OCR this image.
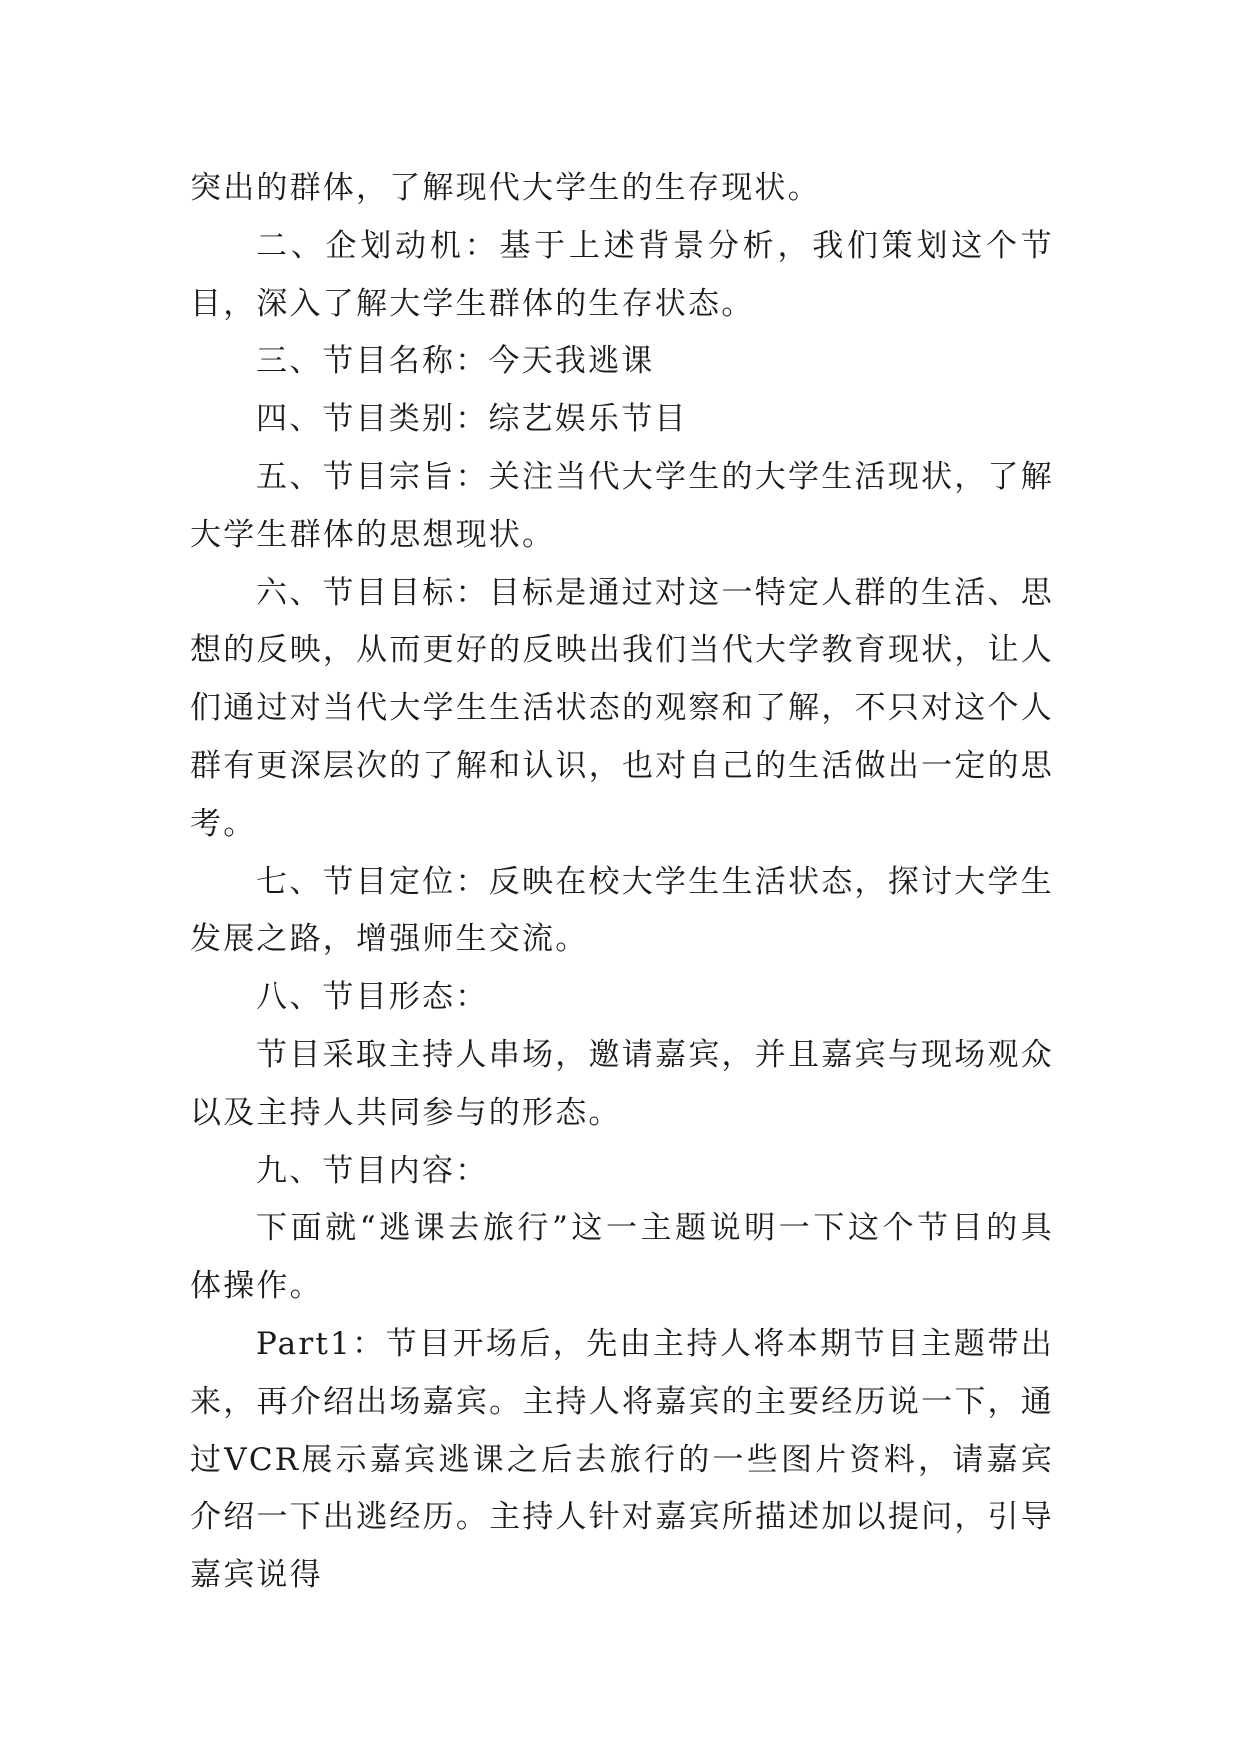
突出的群体，了解现代大学生的生存现状。

二、企划动机：基于上述背景分析，我们策划这个节目，深入了解大学生群体的生存状态。

三、节目名称：今天我逃课

四、节目类别：综艺娱乐节目

五、节目宗旨：关注当代大学生的大学生活现状，了解大学生群体的思想现状。

六、节目目标：目标是通过对这一特定人群的生活、思想的反映，从而更好的反映出我们当代大学教育现状，让人们通过对当代大学生生活状态的观察和了解，不只对这个人群有更深层次的了解和认识，也对自己的生活做出一定的思考。

七、节目定位：反映在校大学生生活状态，探讨大学生发展之路，增强师生交流。

八、节目形态：

节目采取主持人串场，邀请嘉宾，并且嘉宾与现场观众以及主持人共同参与的形态。

九、节目内容：

下面就“逃课去旅行”这一主题说明一下这个节目的具体操作。

Part1：节目开场后，先由主持人将本期节目主题带出来，再介绍出场嘉宾。主持人将嘉宾的主要经历说一下，通过VCR展示嘉宾逃课之后去旅行的一些图片资料，请嘉宾介绍一下出逃经历。主持人针对嘉宾所描述加以提问，引导嘉宾说得
